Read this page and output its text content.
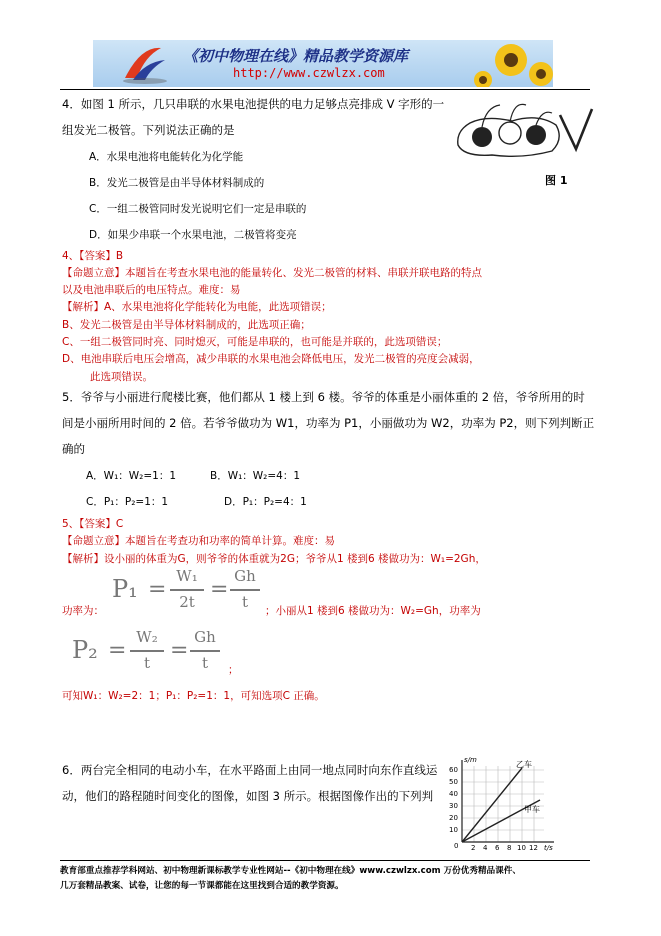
《初中物理在线》精品教学资源库
http://www.czwlzx.com
4．如图 1 所示，几只串联的水果电池提供的电力足够点亮排成 V 字形的一
组发光二极管。下列说法正确的是
A．水果电池将电能转化为化学能
B．发光二极管是由半导体材料制成的
C．一组二极管同时发光说明它们一定是串联的
D．如果少串联一个水果电池，二极管将变亮
图 1
4、【答案】B
【命题立意】本题旨在考查水果电池的能量转化、发光二极管的材料、串联并联电路的特点
以及电池串联后的电压特点。难度：易
【解析】A、水果电池将化学能转化为电能，此选项错误；
B、发光二极管是由半导体材料制成的，此选项正确；
C、一组二极管同时亮、同时熄灭，可能是串联的，也可能是并联的，此选项错误；
D、电池串联后电压会增高，减少串联的水果电池会降低电压，发光二极管的亮度会减弱，
此选项错误。
5．爷爷与小丽进行爬楼比赛，他们都从 1 楼上到 6 楼。爷爷的体重是小丽体重的 2 倍，爷爷所用的时
间是小丽所用时间的 2 倍。若爷爷做功为 W1，功率为 P1，小丽做功为 W2，功率为 P2，则下列判断正
确的
A．W₁：W₂=1：1	B．W₁：W₂=4：1
C．P₁：P₂=1：1	D．P₁：P₂=4：1
5、【答案】C
【命题立意】本题旨在考查功和功率的简单计算。难度：易
【解析】设小丽的体重为G，则爷爷的体重就为2G；爷爷从1 楼到6 楼做功为：W₁=2Gh，
P₁ =
W₁
2t =
Gh
t
功率为：	；小丽从1 楼到6 楼做功为：W₂=Gh，功率为
P₂ =
W₂
t =
Gh
t	；
可知W₁：W₂=2：1；P₁：P₂=1：1，可知选项C 正确。
6．两台完全相同的电动小车，在水平路面上由同一地点同时向东作直线运
动，他们的路程随时间变化的图像，如图 3 所示。根据图像作出的下列判
s/m
60
50
40
30
20
10
0 2 4 6 8 10 12 t/s
乙车
甲车
教育部重点推荐学科网站、初中物理新课标教学专业性网站--《初中物理在线》www.czwlzx.com 万份优秀精品课件、
几万套精品教案、试卷，让您的每一节课都能在这里找到合适的教学资源。
